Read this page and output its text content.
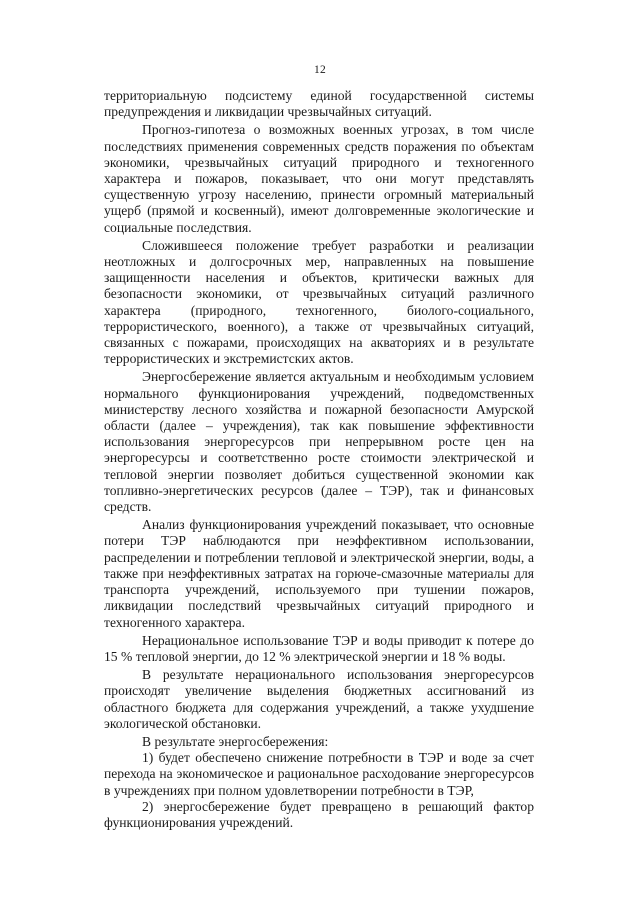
12

территориальную подсистему единой государственной системы предупреждения и ликвидации чрезвычайных ситуаций.

Прогноз-гипотеза о возможных военных угрозах, в том числе последствиях применения современных средств поражения по объектам экономики, чрезвычайных ситуаций природного и техногенного характера и пожаров, показывает, что они могут представлять существенную угрозу населению, принести огромный материальный ущерб (прямой и косвенный), имеют долговременные экологические и социальные последствия.

Сложившееся положение требует разработки и реализации неотложных и долгосрочных мер, направленных на повышение защищенности населения и объектов, критически важных для безопасности экономики, от чрезвычайных ситуаций различного характера (природного, техногенного, биолого-социального, террористического, военного), а также от чрезвычайных ситуаций, связанных с пожарами, происходящих на акваториях и в результате террористических и экстремистских актов.

Энергосбережение является актуальным и необходимым условием нормального функционирования учреждений, подведомственных министерству лесного хозяйства и пожарной безопасности Амурской области (далее – учреждения), так как повышение эффективности использования энергоресурсов при непрерывном росте цен на энергоресурсы и соответственно росте стоимости электрической и тепловой энергии позволяет добиться существенной экономии как топливно-энергетических ресурсов (далее – ТЭР), так и финансовых средств.

Анализ функционирования учреждений показывает, что основные потери ТЭР наблюдаются при неэффективном использовании, распределении и потреблении тепловой и электрической энергии, воды, а также при неэффективных затратах на горюче-смазочные материалы для транспорта учреждений, используемого при тушении пожаров, ликвидации последствий чрезвычайных ситуаций природного и техногенного характера.

Нерациональное использование ТЭР и воды приводит к потере до 15 % тепловой энергии, до 12 % электрической энергии и 18 % воды.

В результате нерационального использования энергоресурсов происходят увеличение выделения бюджетных ассигнований из областного бюджета для содержания учреждений, а также ухудшение экологической обстановки.

В результате энергосбережения:

1) будет обеспечено снижение потребности в ТЭР и воде за счет перехода на экономическое и рациональное расходование энергоресурсов в учреждениях при полном удовлетворении потребности в ТЭР,

2) энергосбережение будет превращено в решающий фактор функционирования учреждений.
